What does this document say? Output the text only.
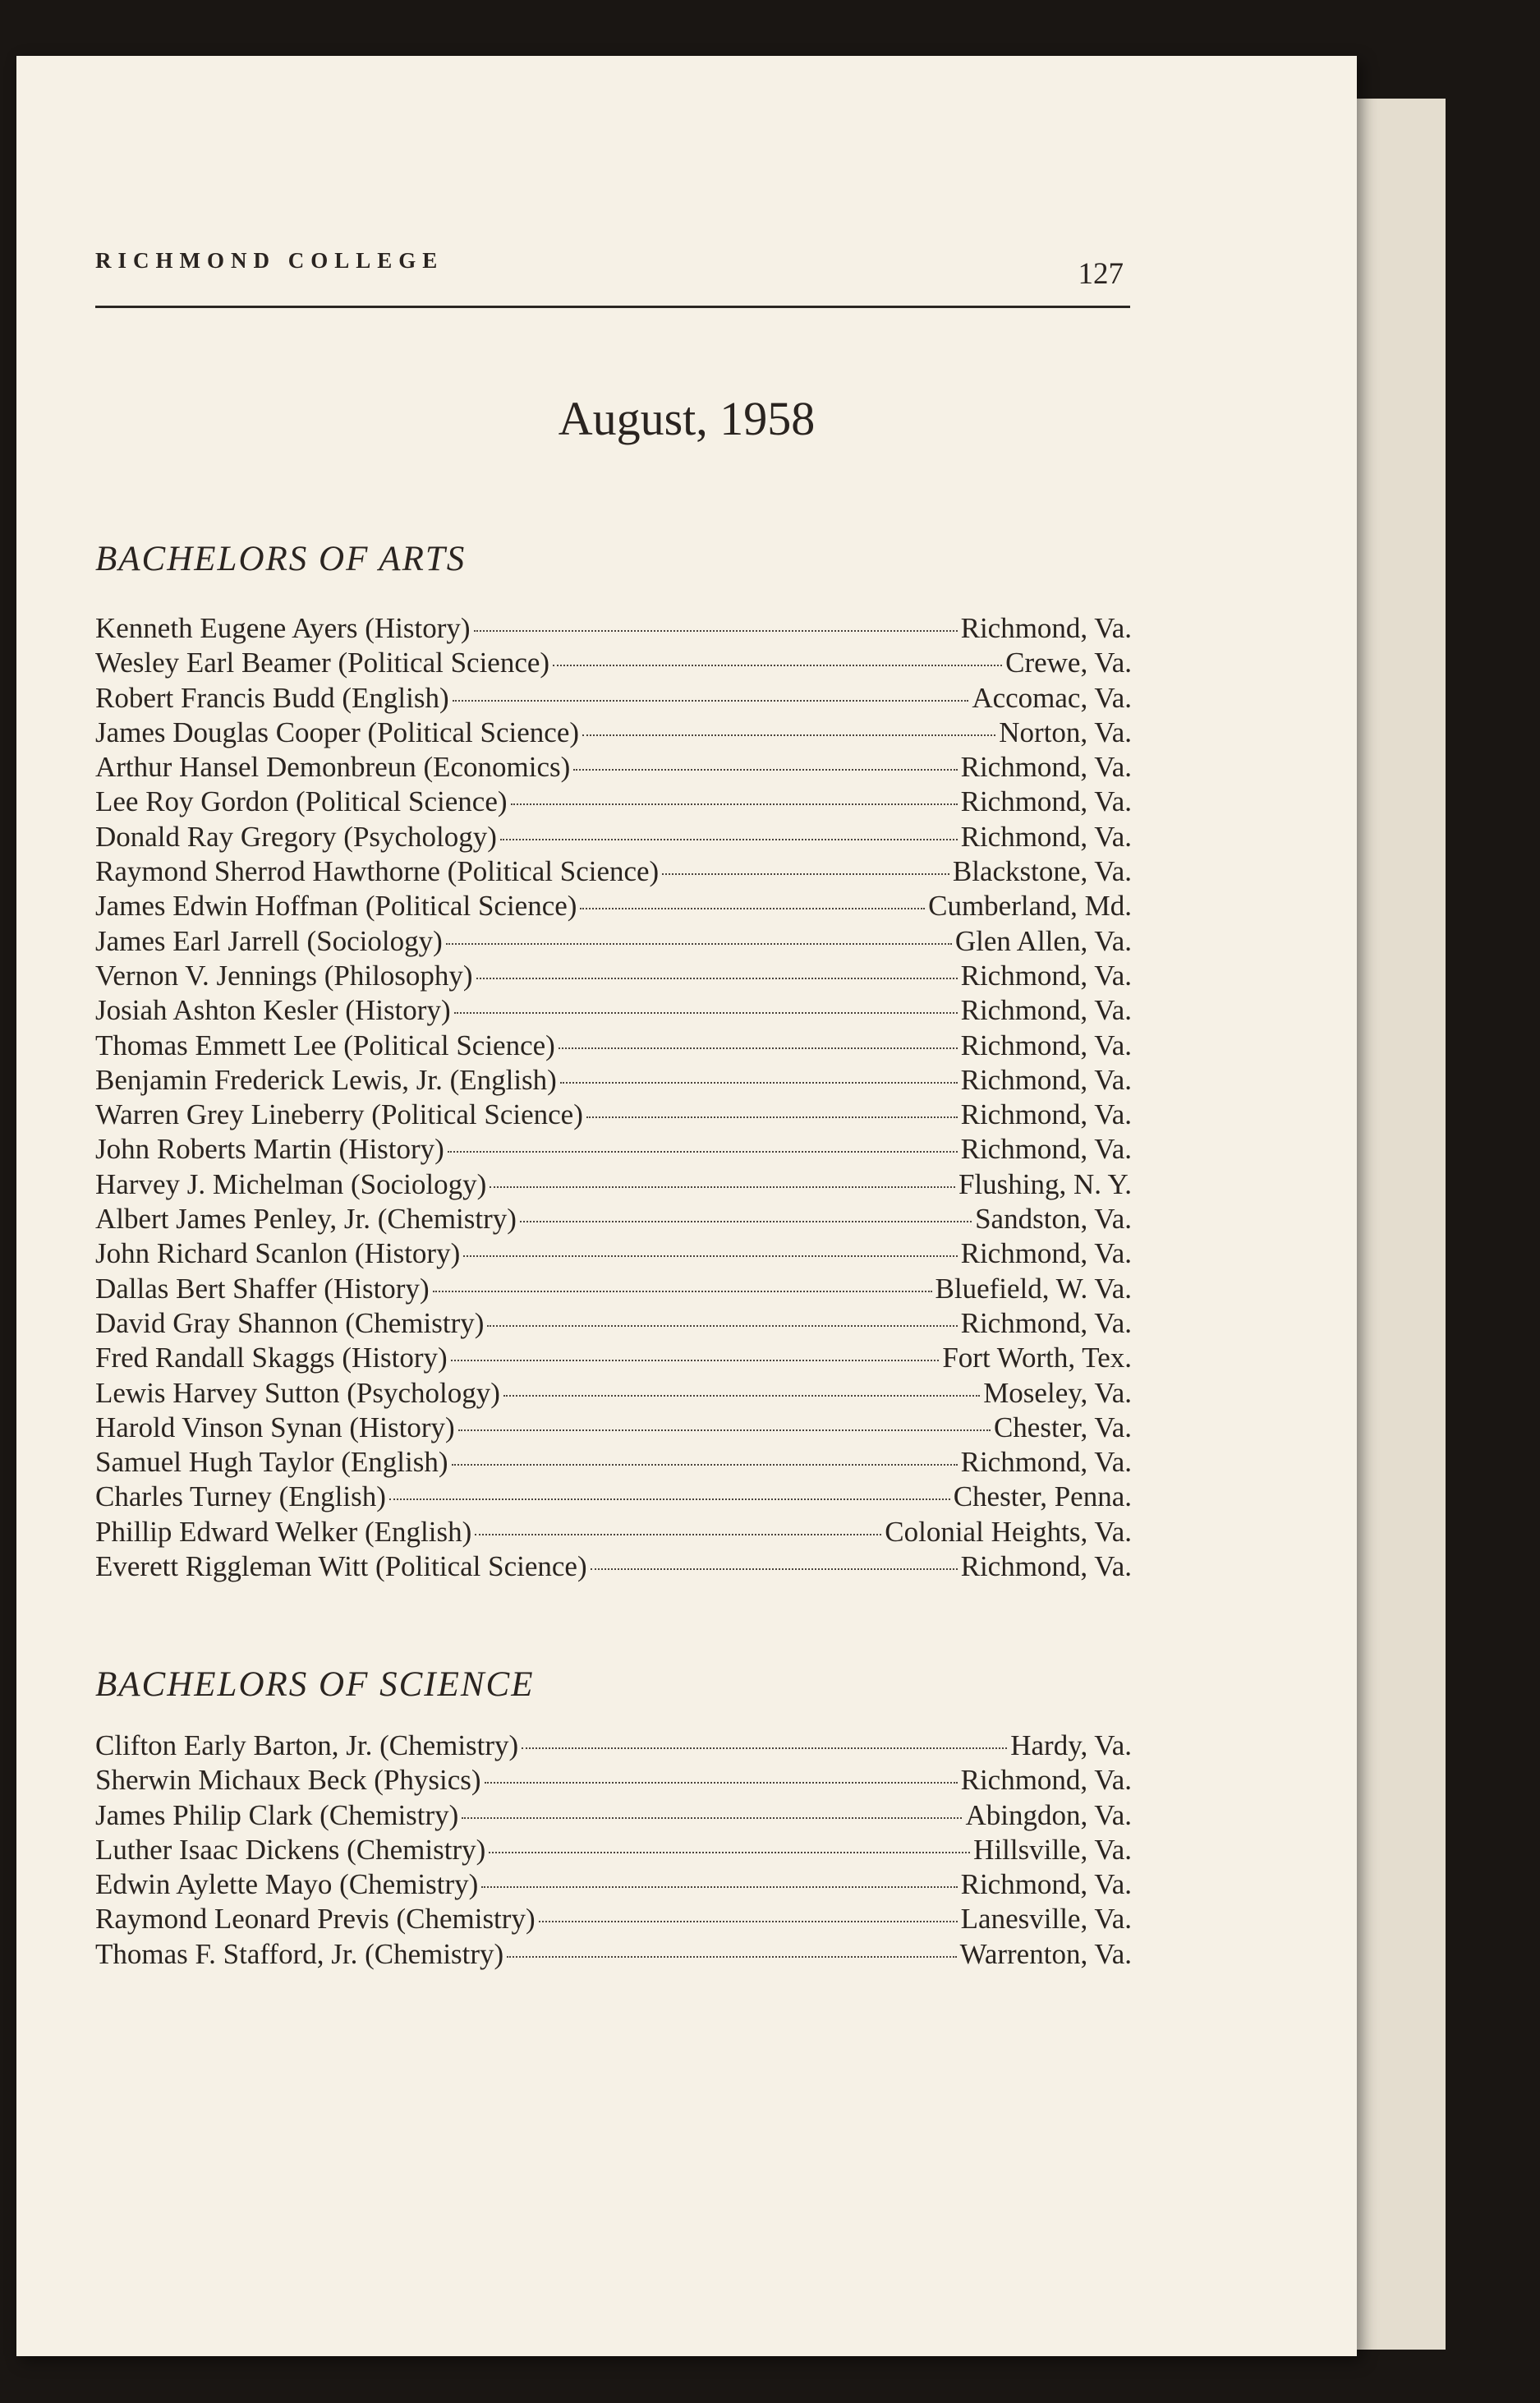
RICHMOND COLLEGE	127
August, 1958
BACHELORS OF ARTS
Kenneth Eugene Ayers (History)	Richmond, Va.
Wesley Earl Beamer (Political Science)	Crewe, Va.
Robert Francis Budd (English)	Accomac, Va.
James Douglas Cooper (Political Science)	Norton, Va.
Arthur Hansel Demonbreun (Economics)	Richmond, Va.
Lee Roy Gordon (Political Science)	Richmond, Va.
Donald Ray Gregory (Psychology)	Richmond, Va.
Raymond Sherrod Hawthorne (Political Science)	Blackstone, Va.
James Edwin Hoffman (Political Science)	Cumberland, Md.
James Earl Jarrell (Sociology)	Glen Allen, Va.
Vernon V. Jennings (Philosophy)	Richmond, Va.
Josiah Ashton Kesler (History)	Richmond, Va.
Thomas Emmett Lee (Political Science)	Richmond, Va.
Benjamin Frederick Lewis, Jr. (English)	Richmond, Va.
Warren Grey Lineberry (Political Science)	Richmond, Va.
John Roberts Martin (History)	Richmond, Va.
Harvey J. Michelman (Sociology)	Flushing, N. Y.
Albert James Penley, Jr. (Chemistry)	Sandston, Va.
John Richard Scanlon (History)	Richmond, Va.
Dallas Bert Shaffer (History)	Bluefield, W. Va.
David Gray Shannon (Chemistry)	Richmond, Va.
Fred Randall Skaggs (History)	Fort Worth, Tex.
Lewis Harvey Sutton (Psychology)	Moseley, Va.
Harold Vinson Synan (History)	Chester, Va.
Samuel Hugh Taylor (English)	Richmond, Va.
Charles Turney (English)	Chester, Penna.
Phillip Edward Welker (English)	Colonial Heights, Va.
Everett Riggleman Witt (Political Science)	Richmond, Va.
BACHELORS OF SCIENCE
Clifton Early Barton, Jr. (Chemistry)	Hardy, Va.
Sherwin Michaux Beck (Physics)	Richmond, Va.
James Philip Clark (Chemistry)	Abingdon, Va.
Luther Isaac Dickens (Chemistry)	Hillsville, Va.
Edwin Aylette Mayo (Chemistry)	Richmond, Va.
Raymond Leonard Previs (Chemistry)	Lanesville, Va.
Thomas F. Stafford, Jr. (Chemistry)	Warrenton, Va.
